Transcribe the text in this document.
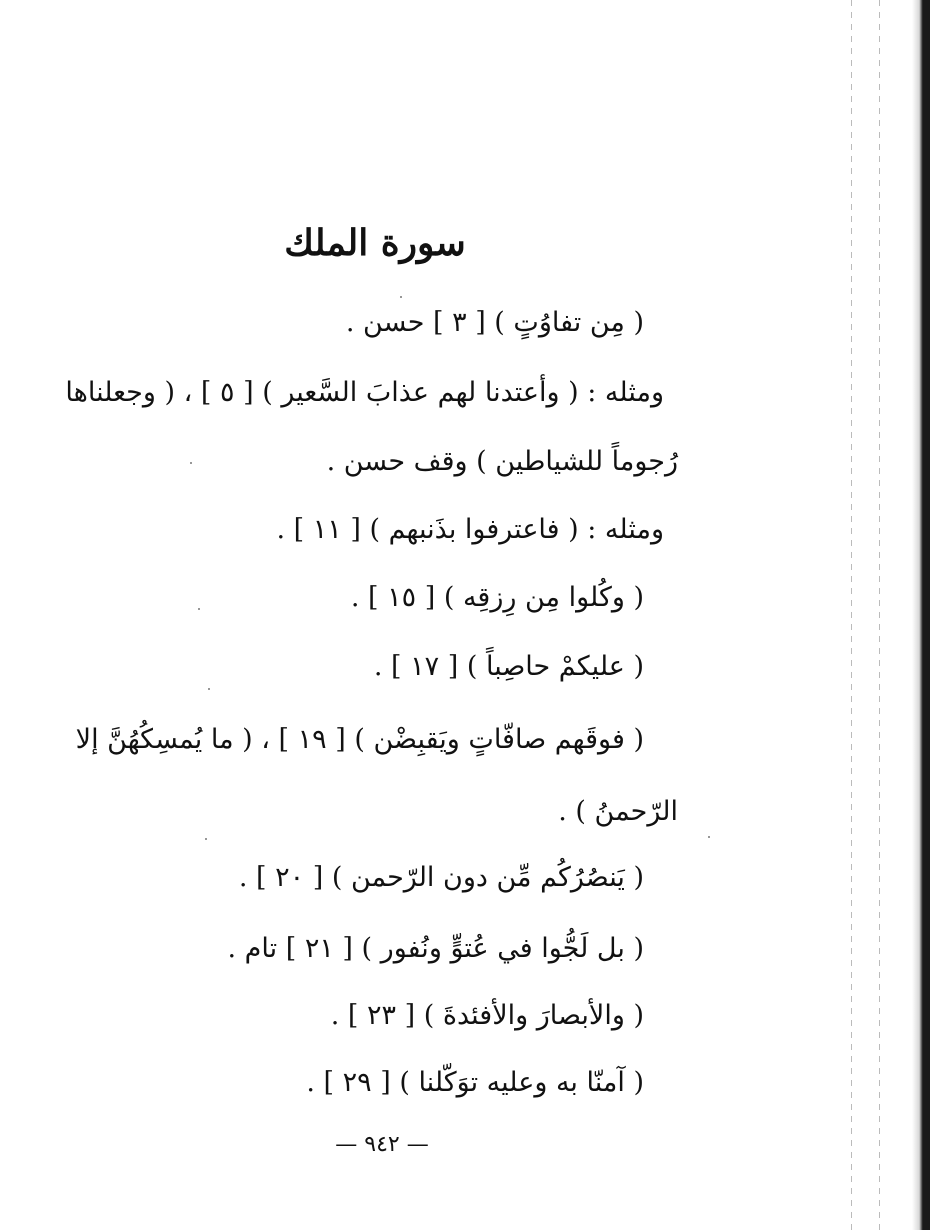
سورة الملك
( مِن تفاوُتٍ ) [ ٣ ] حسن .
ومثله : ( وأعتدنا لهم عذابَ السَّعير ) [ ٥ ] ، ( وجعلناها
رُجوماً للشياطين ) وقف حسن .
ومثله : ( فاعترفوا بذَنبهم ) [ ١١ ] .
( وكُلوا مِن رِزقِه ) [ ١٥ ] .
( عليكمْ حاصِباً ) [ ١٧ ] .
( فوقَهم صافّاتٍ ويَقبِضْن ) [ ١٩ ] ، ( ما يُمسِكُهُنَّ إلا
الرّحمنُ ) .
( يَنصُرُكُم مِّن دون الرّحمن ) [ ٢٠ ] .
( بل لَجُّوا في عُتوٍّ ونُفور ) [ ٢١ ] تام .
( والأبصارَ والأفئدةَ ) [ ٢٣ ] .
( آمنّا به وعليه توَكّلنا ) [ ٢٩ ] .
— ٩٤٢ —
